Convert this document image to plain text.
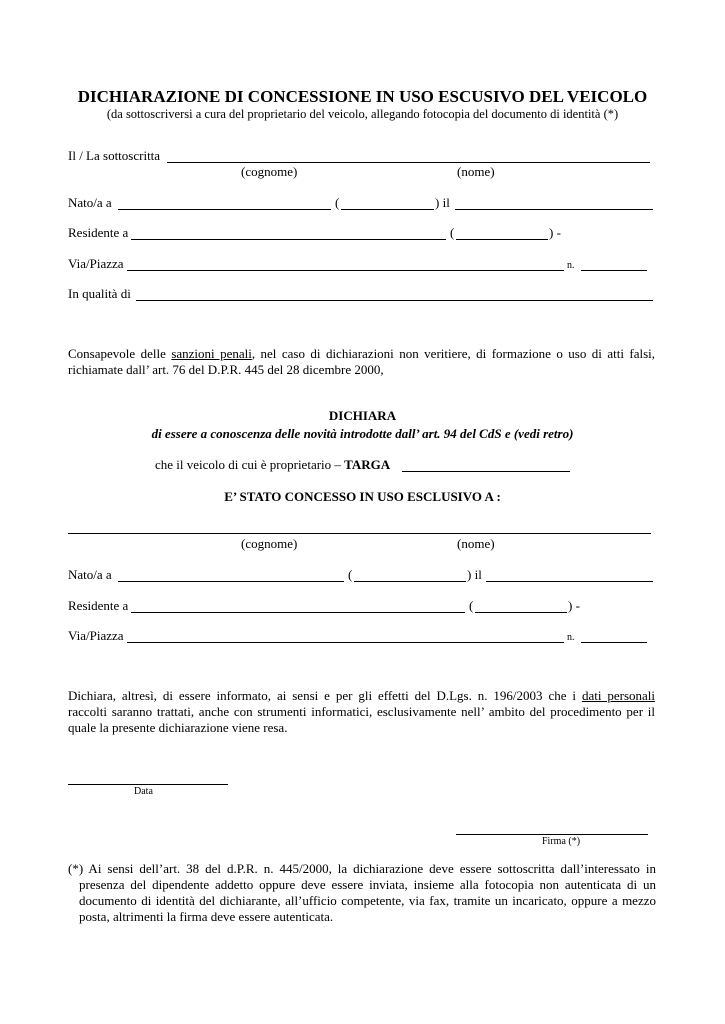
DICHIARAZIONE DI CONCESSIONE IN USO ESCUSIVO DEL VEICOLO
(da sottoscriversi a cura del proprietario del veicolo, allegando fotocopia del documento di identità (*)
Il / La sottoscritta
(cognome)	(nome)
Nato/a a	(	) il
Residente a	(	) -
Via/Piazza	n.
In qualità di
Consapevole delle sanzioni penali, nel caso di dichiarazioni non veritiere, di formazione o uso di atti falsi,
richiamate dall’ art. 76 del D.P.R. 445 del 28 dicembre 2000,
DICHIARA
di essere a conoscenza delle novità introdotte dall’ art. 94 del CdS e (vedi retro)
che il veicolo di cui è proprietario – TARGA
E’ STATO CONCESSO IN USO ESCLUSIVO A :
(cognome)	(nome)
Nato/a a	(	) il
Residente a	(	) -
Via/Piazza	n.
Dichiara, altresì, di essere informato, ai sensi e per gli effetti del D.Lgs. n. 196/2003 che i dati personali
raccolti saranno trattati, anche con strumenti informatici, esclusivamente nell’ ambito del procedimento per il
quale la presente dichiarazione viene resa.
Data
Firma (*)
(*) Ai sensi dell’art. 38 del d.P.R. n. 445/2000, la dichiarazione deve essere sottoscritta dall’interessato in
presenza del dipendente addetto oppure deve essere inviata, insieme alla fotocopia non autenticata di un
documento di identità del dichiarante, all’ufficio competente, via fax, tramite un incaricato, oppure a mezzo
posta, altrimenti la firma deve essere autenticata.
